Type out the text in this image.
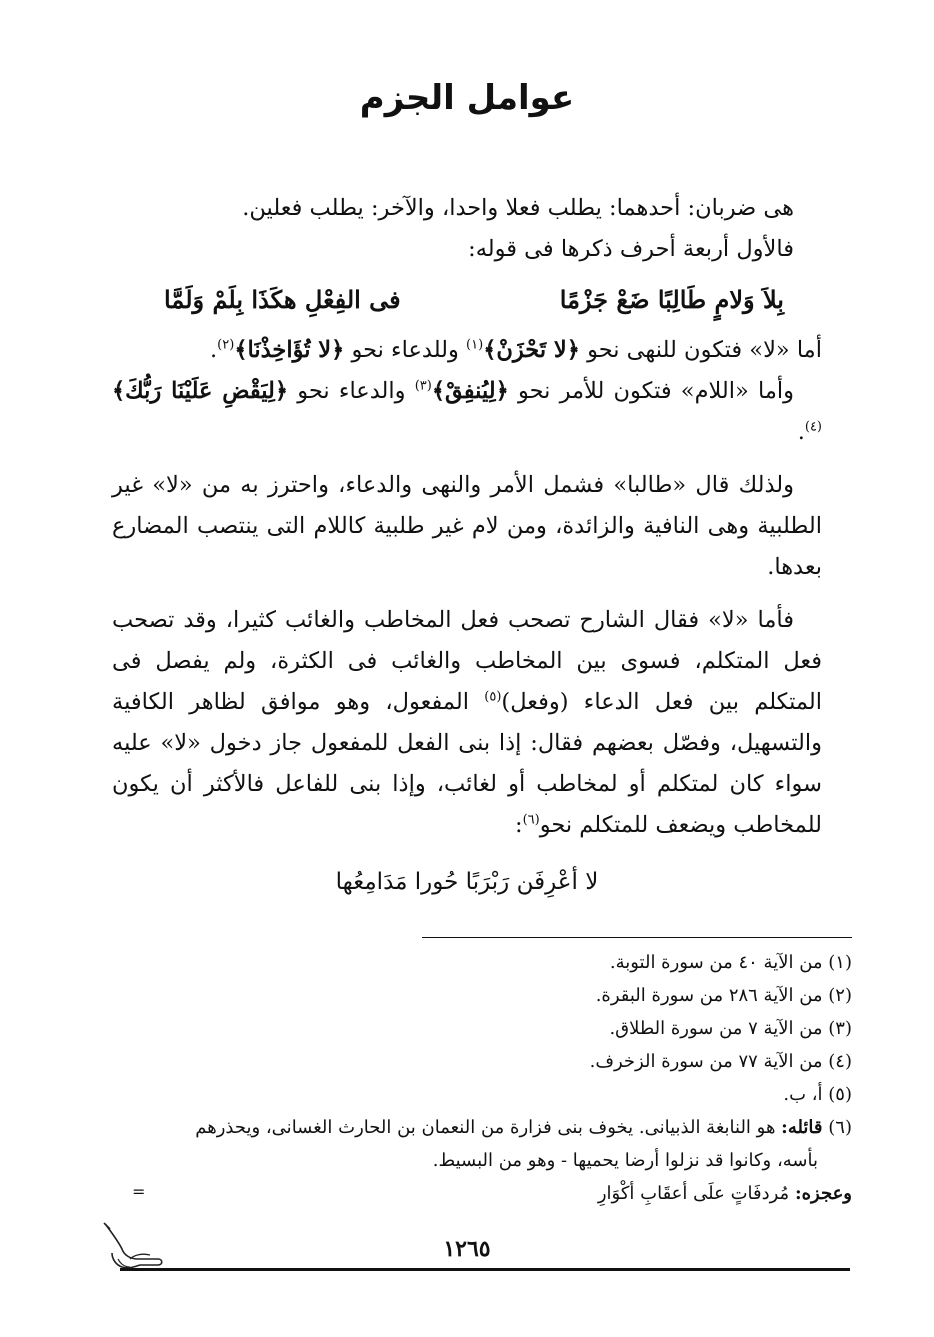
عوامل الجزم

هى ضربان: أحدهما: يطلب فعلا واحدا، والآخر: يطلب فعلين.

فالأول أربعة أحرف ذكرها فى قوله:

بِلاَ وَلامٍ طَالِبًا ضَعْ جَزْمًا
فى الفِعْلِ هكَذَا بِلَمْ وَلَمَّا

أما «لا» فتكون للنهى نحو ﴿لا تَحْزَنْ﴾$^{(١)}$ وللدعاء نحو ﴿لا تُؤَاخِذْنَا﴾$^{(٢)}$.

وأما «اللام» فتكون للأمر نحو ﴿لِيُنفِقْ﴾$^{(٣)}$ والدعاء نحو ﴿لِيَقْضِ عَلَيْنَا رَبُّكَ﴾$^{(٤)}$.

ولذلك قال «طالبا» فشمل الأمر والنهى والدعاء، واحترز به من «لا» غير الطلبية وهى النافية والزائدة، ومن لام غير طلبية كاللام التى ينتصب المضارع بعدها.

فأما «لا» فقال الشارح تصحب فعل المخاطب والغائب كثيرا، وقد تصحب فعل المتكلم، فسوى بين المخاطب والغائب فى الكثرة، ولم يفصل فى المتكلم بين فعل الدعاء (وفعل)$^{(٥)}$ المفعول، وهو موافق لظاهر الكافية والتسهيل، وفصّل بعضهم فقال: إذا بنى الفعل للمفعول جاز دخول «لا» عليه سواء كان لمتكلم أو لمخاطب أو لغائب، وإذا بنى للفاعل فالأكثر أن يكون للمخاطب ويضعف للمتكلم نحو$^{(٦)}$:

لا أعْرِفَن رَبْرَبًا حُورا مَدَامِعُها

(١) من الآية ٤٠ من سورة التوبة.

(٢) من الآية ٢٨٦ من سورة البقرة.

(٣) من الآية ٧ من سورة الطلاق.

(٤) من الآية ٧٧ من سورة الزخرف.

(٥) أ، ب.

(٦) قائله: هو النابغة الذبيانى. يخوف بنى فزارة من النعمان بن الحارث الغسانى، ويحذرهم

بأسه، وكانوا قد نزلوا أرضا يحميها - وهو من البسيط.

وعجزه: مُردفَاتٍ علَى أعقَابِ أكْوَارِ

=
١٢٦٥
